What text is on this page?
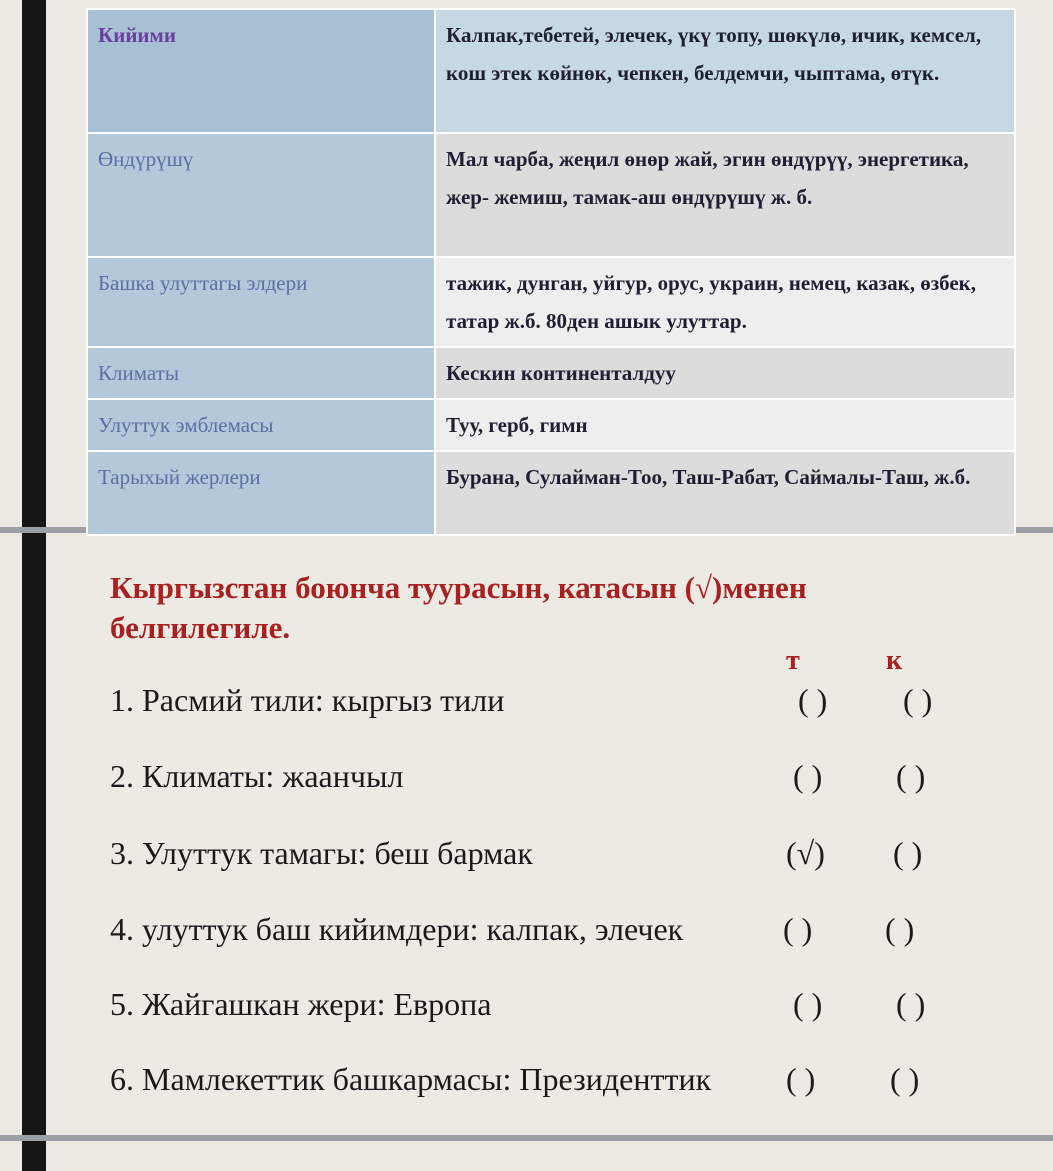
Кийими	Калпак,тебетей, элечек, үкү топу, шөкүлө, ичик, кемсел, кош этек көйнөк, чепкен, белдемчи, чыптама, өтүк.
Өндүрүшү	Мал чарба, жеңил өнөр жай, эгин өндүрүү, энергетика, жер- жемиш, тамак-аш өндүрүшү ж. б.
Башка улуттагы элдери	тажик, дунган, уйгур, орус, украин, немец, казак, өзбек, татар ж.б. 80ден ашык улуттар.
Климаты	Кескин континенталдуу
Улуттук эмблемасы	Туу, герб, гимн
Тарыхый жерлери	Бурана, Сулайман-Тоо, Таш-Рабат, Саймалы-Таш, ж.б.
Кыргызстан боюнча туурасын, катасын (√)менен белгилегиле.
т	к
1. Расмий тили: кыргыз тили	( ) ( )
2. Климаты: жаанчыл	( ) ( )
3. Улуттук тамагы: беш бармак	(√) ( )
4. улуттук баш кийимдери: калпак, элечек	( ) ( )
5. Жайгашкан жери: Европа	( ) ( )
6. Мамлекеттик башкармасы: Президенттик ( ) ( )
